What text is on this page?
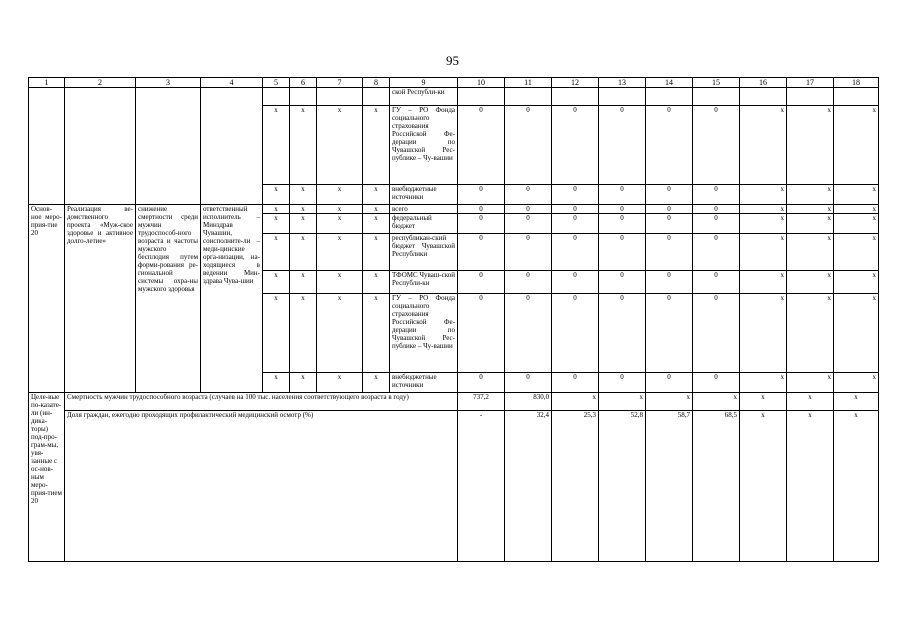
95
1	2	3	4	5	6	7	8	9	10	11	12	13	14	15	16	17	18
								ской Республи-ки									
				x	x	x	x	ГУ – РО Фонда социального страхования Российской Фе-дерации по Чувашской Рес-публике – Чу-вашии	0	0	0	0	0	0	x	x	x
				x	x	x	x	внебюджетные источники	0	0	0	0	0	0	x	x	x
Основ-ное меро-прия-тие 20	Реализация ве-домственного проекта «Муж-ское здоровье и активное долго-летие»	снижение смертности среди мужчин трудоспособ-ного возраста и частоты мужского бесплодия путем форми-рования ре-гиональной системы охра-ны мужского здоровья	ответственный исполнитель – Минздрав Чувашии, соисполните-ли – меди-цинские орга-низации, на-ходящиеся в ведении Мин-здрава Чува-шии	x	x	x	x	всего	0	0	0	0	0	0	x	x	x
				x	x	x	x	федеральный бюджет	0	0	0	0	0	0	x	x	x
				x	x	x	x	республикан-ский бюджет Чувашской Республики	0	0	0	0	0	0	x	x	x
				x	x	x	x	ТФОМС Чуваш-ской Республи-ки	0	0	0	0	0	0	x	x	x
				x	x	x	x	ГУ – РО Фонда социального страхования Российской Фе-дерации по Чувашской Рес-публике – Чу-вашии	0	0	0	0	0	0	x	x	x
				x	x	x	x	внебюджетные источники	0	0	0	0	0	0	x	x	x
Целе-вые по-казате-ли (ин-дика-торы) под-про-грам-мы, увя-занные с ос-нов-ным меро-прия-тием 20	Смертность мужчин трудоспособного возраста (случаев на 100 тыс. населения соответствующего возраста в году)								737,2	830,0	x	x	x	x	x	x	x
	Доля граждан, ежегодно проходящих профилактический медицинский осмотр (%)								-	32,4	25,3	52,8	58,7	68,5	x	x	x
